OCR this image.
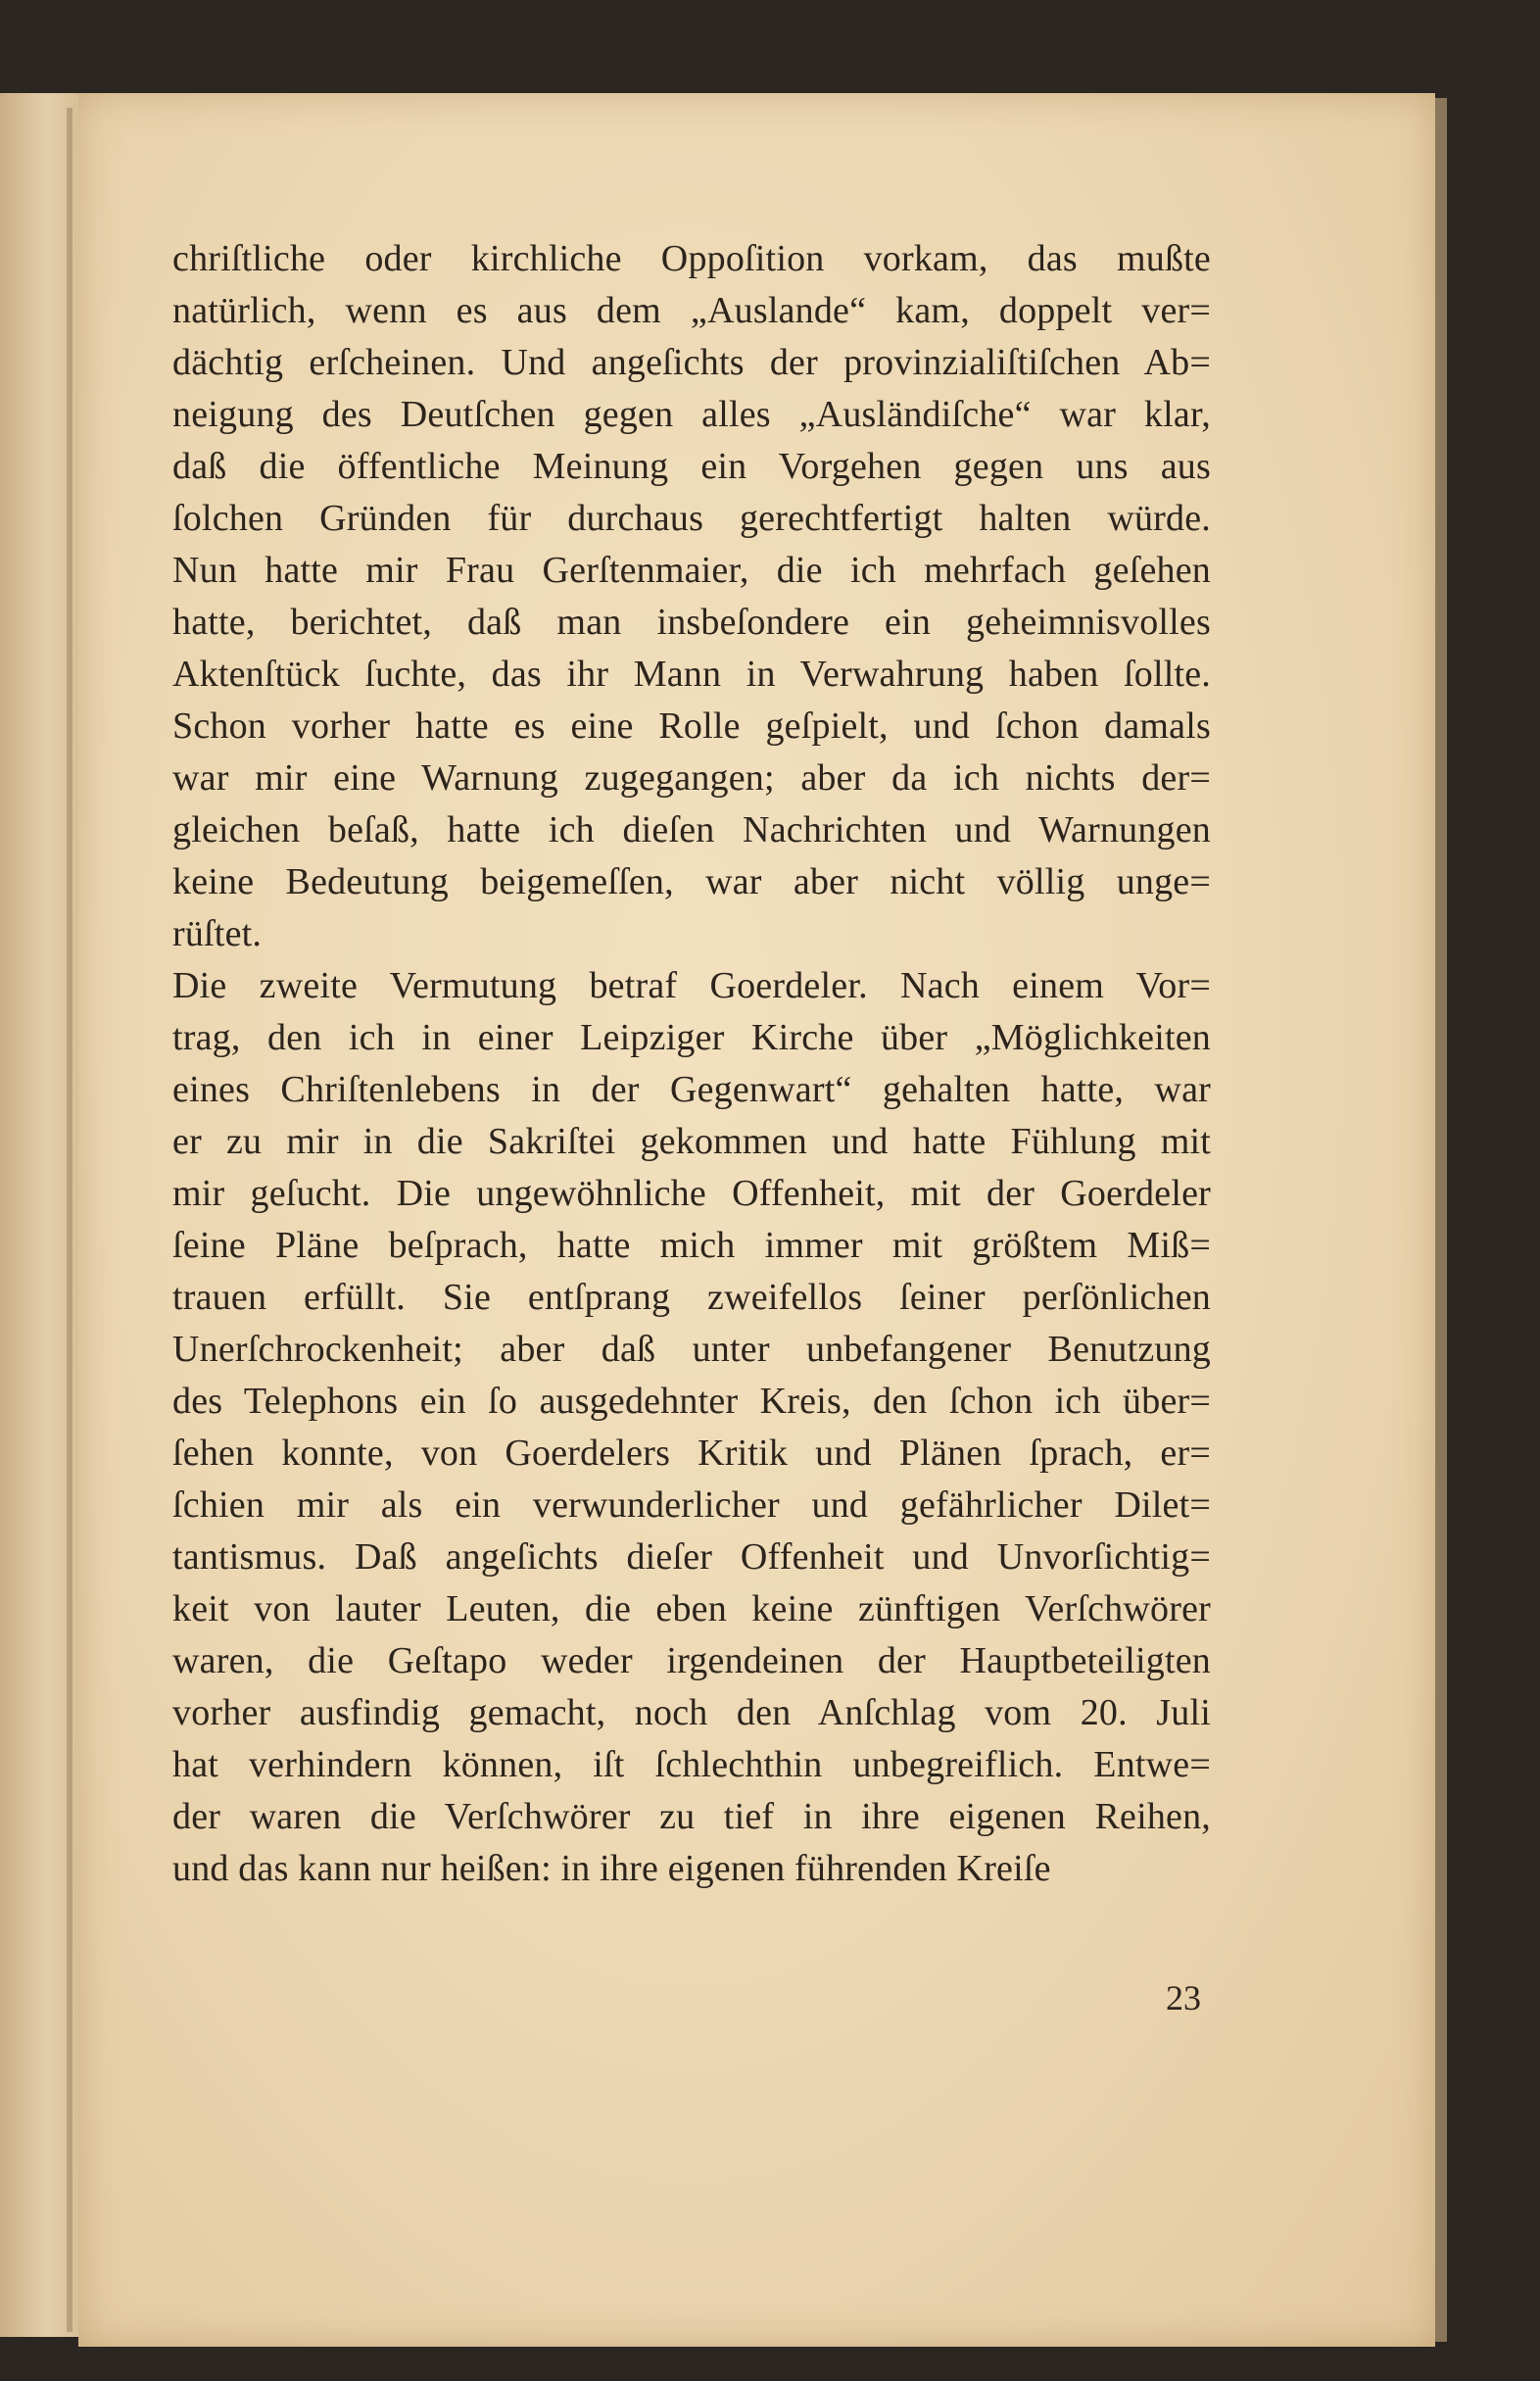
chriſtliche oder kirchliche Oppoſition vorkam, das mußte
natürlich, wenn es aus dem „Auslande“ kam, doppelt ver=
dächtig erſcheinen. Und angeſichts der provinzialiſtiſchen Ab=
neigung des Deutſchen gegen alles „Ausländiſche“ war klar,
daß die öffentliche Meinung ein Vorgehen gegen uns aus
ſolchen Gründen für durchaus gerechtfertigt halten würde.
Nun hatte mir Frau Gerſtenmaier, die ich mehrfach geſehen
hatte, berichtet, daß man insbeſondere ein geheimnisvolles
Aktenſtück ſuchte, das ihr Mann in Verwahrung haben ſollte.
Schon vorher hatte es eine Rolle geſpielt, und ſchon damals
war mir eine Warnung zugegangen; aber da ich nichts der=
gleichen beſaß, hatte ich dieſen Nachrichten und Warnungen
keine Bedeutung beigemeſſen, war aber nicht völlig unge=
rüſtet.
Die zweite Vermutung betraf Goerdeler. Nach einem Vor=
trag, den ich in einer Leipziger Kirche über „Möglichkeiten
eines Chriſtenlebens in der Gegenwart“ gehalten hatte, war
er zu mir in die Sakriſtei gekommen und hatte Fühlung mit
mir geſucht. Die ungewöhnliche Offenheit, mit der Goerdeler
ſeine Pläne beſprach, hatte mich immer mit größtem Miß=
trauen erfüllt. Sie entſprang zweifellos ſeiner perſönlichen
Unerſchrockenheit; aber daß unter unbefangener Benutzung
des Telephons ein ſo ausgedehnter Kreis, den ſchon ich über=
ſehen konnte, von Goerdelers Kritik und Plänen ſprach, er=
ſchien mir als ein verwunderlicher und gefährlicher Dilet=
tantismus. Daß angeſichts dieſer Offenheit und Unvorſichtig=
keit von lauter Leuten, die eben keine zünftigen Verſchwörer
waren, die Geſtapo weder irgendeinen der Hauptbeteiligten
vorher ausfindig gemacht, noch den Anſchlag vom 20. Juli
hat verhindern können, iſt ſchlechthin unbegreiflich. Entwe=
der waren die Verſchwörer zu tief in ihre eigenen Reihen,
und das kann nur heißen: in ihre eigenen führenden Kreiſe
23
